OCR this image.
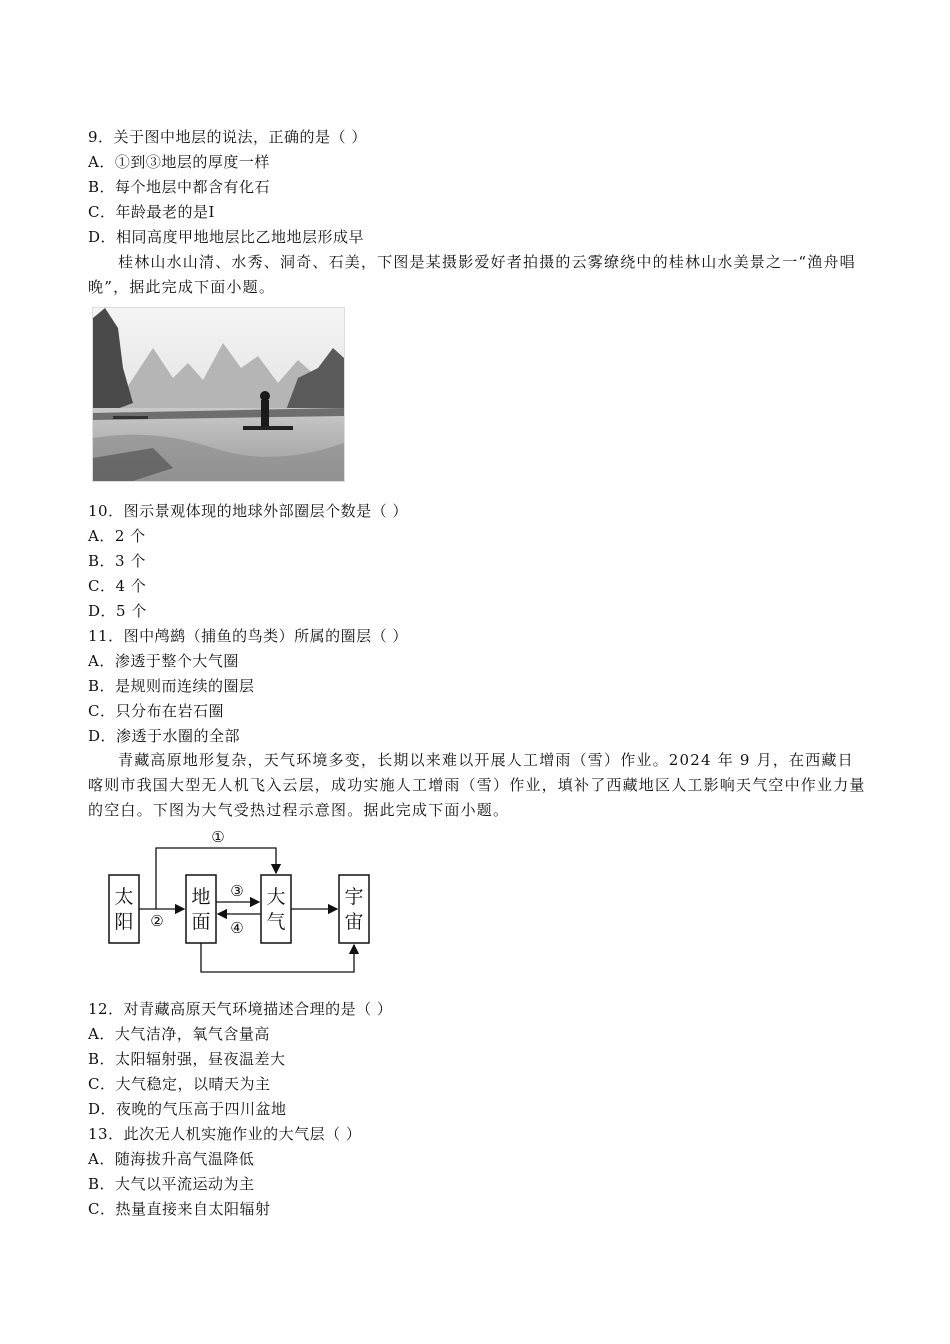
9．关于图中地层的说法，正确的是（ ）
A．①到③地层的厚度一样
B．每个地层中都含有化石
C．年龄最老的是Ⅰ
D．相同高度甲地地层比乙地地层形成早
桂林山水山清、水秀、洞奇、石美，下图是某摄影爱好者拍摄的云雾缭绕中的桂林山水美景之一“渔舟唱晚”，据此完成下面小题。
10．图示景观体现的地球外部圈层个数是（ ）
A．2 个
B．3 个
C．4 个
D．5 个
11．图中鸬鹚（捕鱼的鸟类）所属的圈层（ ）
A．渗透于整个大气圈
B．是规则而连续的圈层
C．只分布在岩石圈
D．渗透于水圈的全部
青藏高原地形复杂，天气环境多变，长期以来难以开展人工增雨（雪）作业。2024 年 9 月，在西藏日喀则市我国大型无人机飞入云层，成功实施人工增雨（雪）作业，填补了西藏地区人工影响天气空中作业力量的空白。下图为大气受热过程示意图。据此完成下面小题。
太
阳
地
面
大
气
宇
宙
①
②
③
④
12．对青藏高原天气环境描述合理的是（ ）
A．大气洁净，氧气含量高
B．太阳辐射强，昼夜温差大
C．大气稳定，以晴天为主
D．夜晚的气压高于四川盆地
13．此次无人机实施作业的大气层（ ）
A．随海拔升高气温降低
B．大气以平流运动为主
C．热量直接来自太阳辐射
